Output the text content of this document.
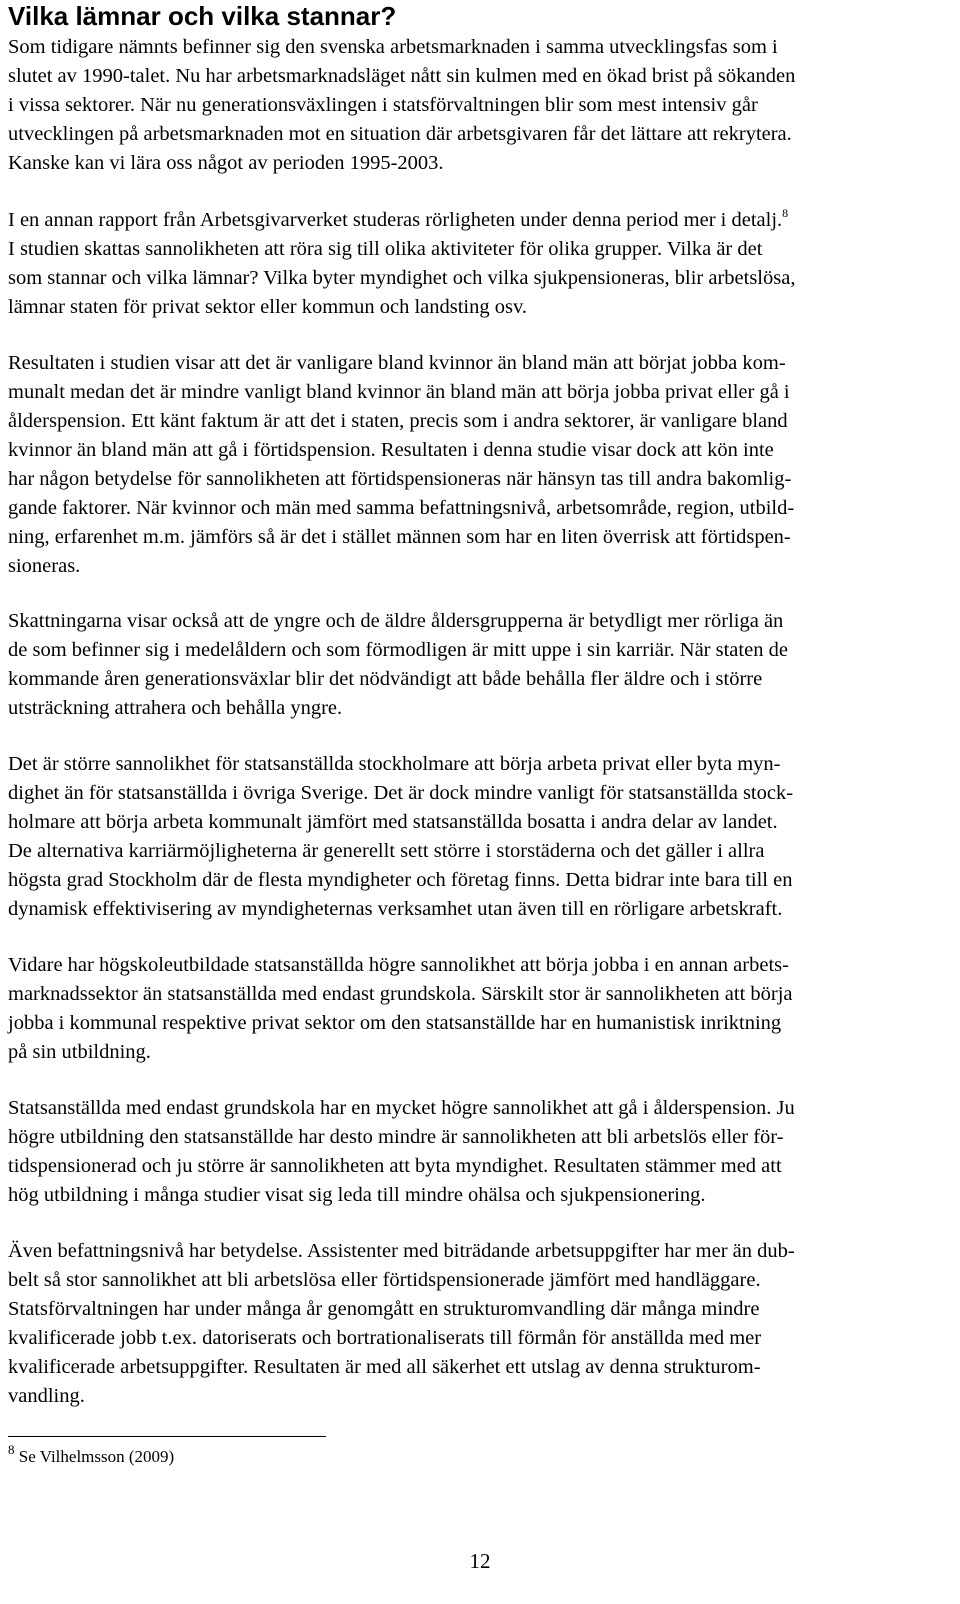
Vilka lämnar och vilka stannar?

Som tidigare nämnts befinner sig den svenska arbetsmarknaden i samma utvecklingsfas som i
slutet av 1990-talet. Nu har arbetsmarknadsläget nått sin kulmen med en ökad brist på sökanden
i vissa sektorer. När nu generationsväxlingen i statsförvaltningen blir som mest intensiv går
utvecklingen på arbetsmarknaden mot en situation där arbetsgivaren får det lättare att rekrytera.
Kanske kan vi lära oss något av perioden 1995-2003.

I en annan rapport från Arbetsgivarverket studeras rörligheten under denna period mer i detalj.$^8$
I studien skattas sannolikheten att röra sig till olika aktiviteter för olika grupper. Vilka är det
som stannar och vilka lämnar? Vilka byter myndighet och vilka sjukpensioneras, blir arbetslösa,
lämnar staten för privat sektor eller kommun och landsting osv.

Resultaten i studien visar att det är vanligare bland kvinnor än bland män att börjat jobba kom-
munalt medan det är mindre vanligt bland kvinnor än bland män att börja jobba privat eller gå i
ålderspension. Ett känt faktum är att det i staten, precis som i andra sektorer, är vanligare bland
kvinnor än bland män att gå i förtidspension. Resultaten i denna studie visar dock att kön inte
har någon betydelse för sannolikheten att förtidspensioneras när hänsyn tas till andra bakomlig-
gande faktorer. När kvinnor och män med samma befattningsnivå, arbetsområde, region, utbild-
ning, erfarenhet m.m. jämförs så är det i stället männen som har en liten överrisk att förtidspen-
sioneras.

Skattningarna visar också att de yngre och de äldre åldersgrupperna är betydligt mer rörliga än
de som befinner sig i medelåldern och som förmodligen är mitt uppe i sin karriär. När staten de
kommande åren generationsväxlar blir det nödvändigt att både behålla fler äldre och i större
utsträckning attrahera och behålla yngre.

Det är större sannolikhet för statsanställda stockholmare att börja arbeta privat eller byta myn-
dighet än för statsanställda i övriga Sverige. Det är dock mindre vanligt för statsanställda stock-
holmare att börja arbeta kommunalt jämfört med statsanställda bosatta i andra delar av landet.
De alternativa karriärmöjligheterna är generellt sett större i storstäderna och det gäller i allra
högsta grad Stockholm där de flesta myndigheter och företag finns. Detta bidrar inte bara till en
dynamisk effektivisering av myndigheternas verksamhet utan även till en rörligare arbetskraft.

Vidare har högskoleutbildade statsanställda högre sannolikhet att börja jobba i en annan arbets-
marknadssektor än statsanställda med endast grundskola. Särskilt stor är sannolikheten att börja
jobba i kommunal respektive privat sektor om den statsanställde har en humanistisk inriktning
på sin utbildning.

Statsanställda med endast grundskola har en mycket högre sannolikhet att gå i ålderspension. Ju
högre utbildning den statsanställde har desto mindre är sannolikheten att bli arbetslös eller för-
tidspensionerad och ju större är sannolikheten att byta myndighet. Resultaten stämmer med att
hög utbildning i många studier visat sig leda till mindre ohälsa och sjukpensionering.

Även befattningsnivå har betydelse. Assistenter med biträdande arbetsuppgifter har mer än dub-
belt så stor sannolikhet att bli arbetslösa eller förtidspensionerade jämfört med handläggare.
Statsförvaltningen har under många år genomgått en strukturomvandling där många mindre
kvalificerade jobb t.ex. datoriserats och bortrationaliserats till förmån för anställda med mer
kvalificerade arbetsuppgifter. Resultaten är med all säkerhet ett utslag av denna strukturom-
vandling.

$^8$ Se Vilhelmsson (2009)

12
